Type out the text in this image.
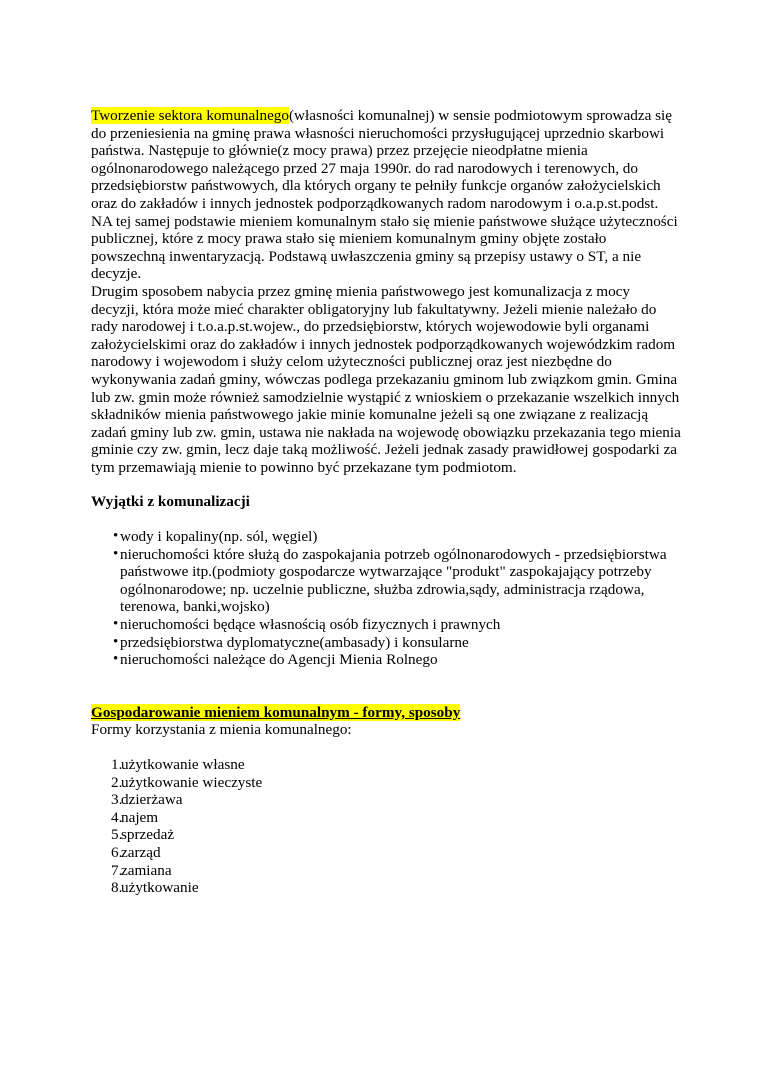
Tworzenie sektora komunalnego(własności komunalnej) w sensie podmiotowym sprowadza się do przeniesienia na gminę prawa własności nieruchomości przysługującej uprzednio skarbowi państwa. Następuje to głównie(z mocy prawa) przez przejęcie nieodpłatne mienia ogólnonarodowego należącego przed 27 maja 1990r. do rad narodowych i terenowych, do przedsiębiorstw państwowych, dla których organy te pełniły funkcje organów założycielskich oraz do zakładów i innych jednostek podporządkowanych radom narodowym i o.a.p.st.podst. NA tej samej podstawie mieniem komunalnym stało się mienie państwowe służące użyteczności publicznej, które z mocy prawa stało się mieniem komunalnym gminy objęte zostało powszechną inwentaryzacją. Podstawą uwłaszczenia gminy są przepisy ustawy o ST, a nie decyzje.

Drugim sposobem nabycia przez gminę mienia państwowego jest komunalizacja z mocy decyzji, która może mieć charakter obligatoryjny lub fakultatywny. Jeżeli mienie należało do rady narodowej i t.o.a.p.st.wojew., do przedsiębiorstw, których wojewodowie byli organami założycielskimi oraz do zakładów i innych jednostek podporządkowanych wojewódzkim radom narodowy i wojewodom i służy celom użyteczności publicznej oraz jest niezbędne do wykonywania zadań gminy, wówczas podlega przekazaniu gminom lub związkom gmin. Gmina lub zw. gmin może również samodzielnie wystąpić z wnioskiem o przekazanie wszelkich innych składników mienia państwowego jakie minie komunalne jeżeli są one związane z realizacją zadań gminy lub zw. gmin, ustawa nie nakłada na wojewodę obowiązku przekazania tego mienia gminie czy zw. gmin, lecz daje taką możliwość. Jeżeli jednak zasady prawidłowej gospodarki za tym przemawiają mienie to powinno być przekazane tym podmiotom.

Wyjątki z komunalizacji
• wody i kopaliny(np. sól, węgiel)
• nieruchomości które służą do zaspokajania potrzeb ogólnonarodowych - przedsiębiorstwa państwowe itp.(podmioty gospodarcze wytwarzające "produkt" zaspokajający potrzeby ogólnonarodowe; np. uczelnie publiczne, służba zdrowia,sądy, administracja rządowa, terenowa, banki,wojsko)
• nieruchomości będące własnością osób fizycznych i prawnych
• przedsiębiorstwa dyplomatyczne(ambasady) i konsularne
• nieruchomości należące do Agencji Mienia Rolnego

Gospodarowanie mieniem komunalnym - formy, sposoby

Formy korzystania z mienia komunalnego:

1.
użytkowanie własne
2.
użytkowanie wieczyste
3.
dzierżawa
4.
najem
5.
sprzedaż
6.
zarząd
7.
zamiana
8.
użytkowanie
